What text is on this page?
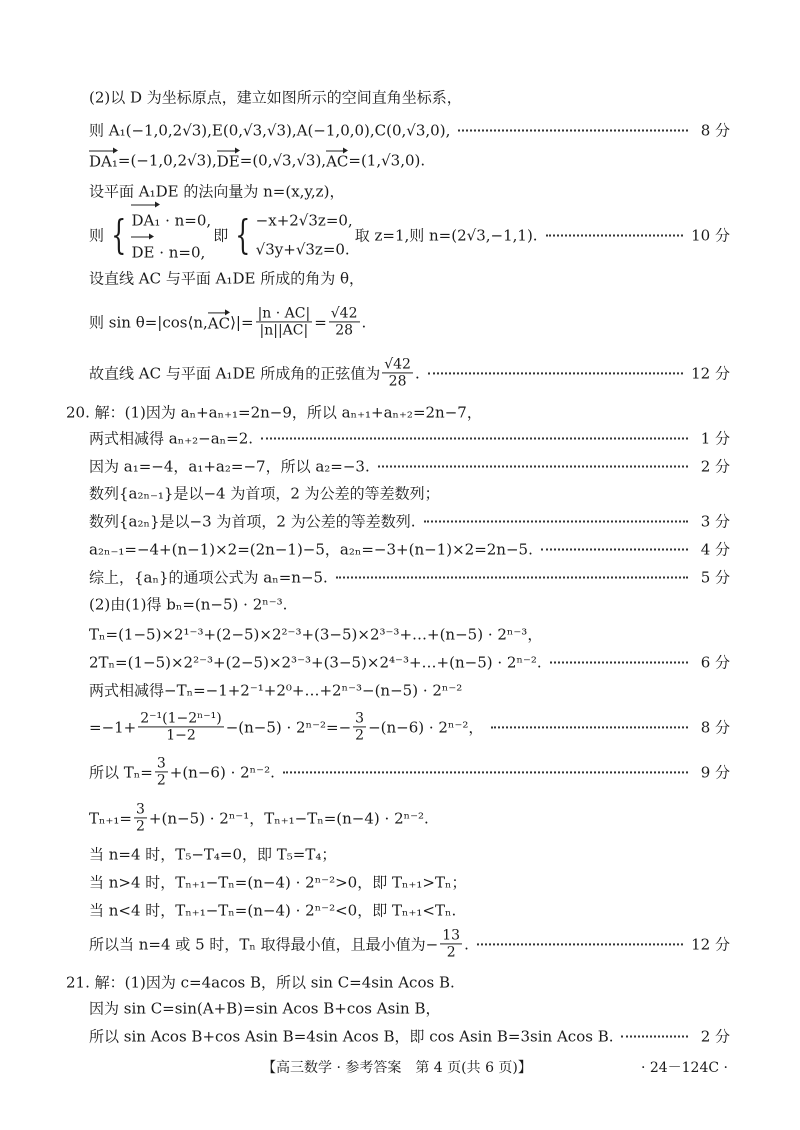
(2)以 D 为坐标原点，建立如图所示的空间直角坐标系，
则 A₁(−1,0,2√3),E(0,√3,√3),A(−1,0,0),C(0,√3,0),	8 分
DA₁ =(−1,0,2√3), DE =(0,√3,√3), AC =(1,√3,0).
设平面 A₁DE 的法向量为 n=(x,y,z)，
则 { DA₁ · n=0,
DE · n=0,
即 { −x+2√3z=0,
√3y+√3z=0.
取 z=1,则 n=(2√3,−1,1).	10 分
设直线 AC 与平面 A₁DE 所成的角为 θ，
则 sin θ=|cos⟨n, AC ⟩|= $\frac{|n \cdot AC|}{|n||AC|} = \frac{√42}{28}$ .
故直线 AC 与平面 A₁DE 所成角的正弦值为 $\frac{√42}{28}$ .	12 分
20. 解：(1)因为 aₙ+aₙ₊₁=2n−9，所以 aₙ₊₁+aₙ₊₂=2n−7，
两式相减得 aₙ₊₂−aₙ=2.	1 分
因为 a₁=−4，a₁+a₂=−7，所以 a₂=−3.	2 分
数列{a₂ₙ₋₁}是以−4 为首项，2 为公差的等差数列；
数列{a₂ₙ}是以−3 为首项，2 为公差的等差数列.	3 分
a₂ₙ₋₁=−4+(n−1)×2=(2n−1)−5，a₂ₙ=−3+(n−1)×2=2n−5.	4 分
综上，{aₙ}的通项公式为 aₙ=n−5.	5 分
(2)由(1)得 bₙ=(n−5) · 2ⁿ⁻³.
Tₙ=(1−5)×2¹⁻³+(2−5)×2²⁻³+(3−5)×2³⁻³+…+(n−5) · 2ⁿ⁻³，
2Tₙ=(1−5)×2²⁻³+(2−5)×2³⁻³+(3−5)×2⁴⁻³+…+(n−5) · 2ⁿ⁻².	6 分
两式相减得−Tₙ=−1+2⁻¹+2⁰+…+2ⁿ⁻³−(n−5) · 2ⁿ⁻²
$=-1+ \frac{\text{2⁻¹(1−2ⁿ⁻¹)}}{1-2} -(n-5) \cdot 2^{n-2}=- \frac{3}{2} -(n-6) \cdot 2^{n-2}$，	8 分
所以 $T_n= \frac{3}{2} +(n-6) \cdot 2^{n-2}$.	9 分
$T_{n+1}= \frac{3}{2} +(n-5) \cdot 2^{n-1}$，Tₙ₊₁−Tₙ=(n−4) · 2ⁿ⁻².
当 n=4 时，T₅−T₄=0，即 T₅=T₄；
当 n>4 时，Tₙ₊₁−Tₙ=(n−4) · 2ⁿ⁻²>0，即 Tₙ₊₁>Tₙ；
当 n<4 时，Tₙ₊₁−Tₙ=(n−4) · 2ⁿ⁻²<0，即 Tₙ₊₁<Tₙ.
所以当 n=4 或 5 时，Tₙ 取得最小值，且最小值为− $\frac{13}{2}$ .	12 分
21. 解：(1)因为 c=4acos B，所以 sin C=4sin Acos B.
因为 sin C=sin(A+B)=sin Acos B+cos Asin B，
所以 sin Acos B+cos Asin B=4sin Acos B，即 cos Asin B=3sin Acos B.	2 分
【高三数学 · 参考答案　第 4 页(共 6 页)】	· 24－124C ·
